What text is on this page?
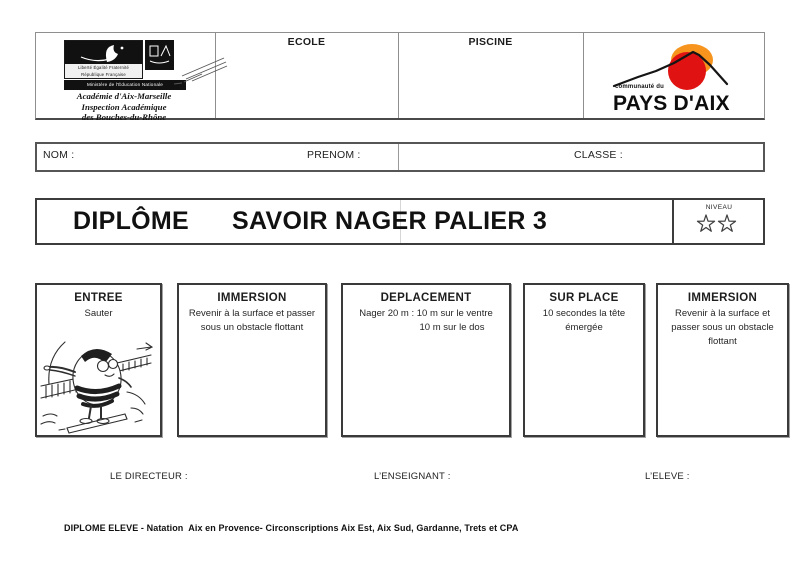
Liberté Égalité Fraternité
République Française
Ministère de l'Éducation Nationale
Académie d'Aix-Marseille
Inspection Académique
des Bouches-du-Rhône
ECOLE	PISCINE
communauté du
PAYS D'AIX
NOM :	PRENOM :	CLASSE :
DIPLÔME SAVOIR NAGER PALIER 3	NIVEAU
ENTREE
Sauter
IMMERSION
Revenir à la surface et passer
sous un obstacle flottant
DEPLACEMENT
Nager 20 m : 10 m sur le ventre
10 m sur le dos
SUR PLACE
10 secondes la tête
émergée
IMMERSION
Revenir à la surface et
passer sous un obstacle
flottant
LE DIRECTEUR :	L’ENSEIGNANT :	L’ELEVE :
DIPLOME ELEVE - Natation  Aix en Provence- Circonscriptions Aix Est, Aix Sud, Gardanne, Trets et CPA
